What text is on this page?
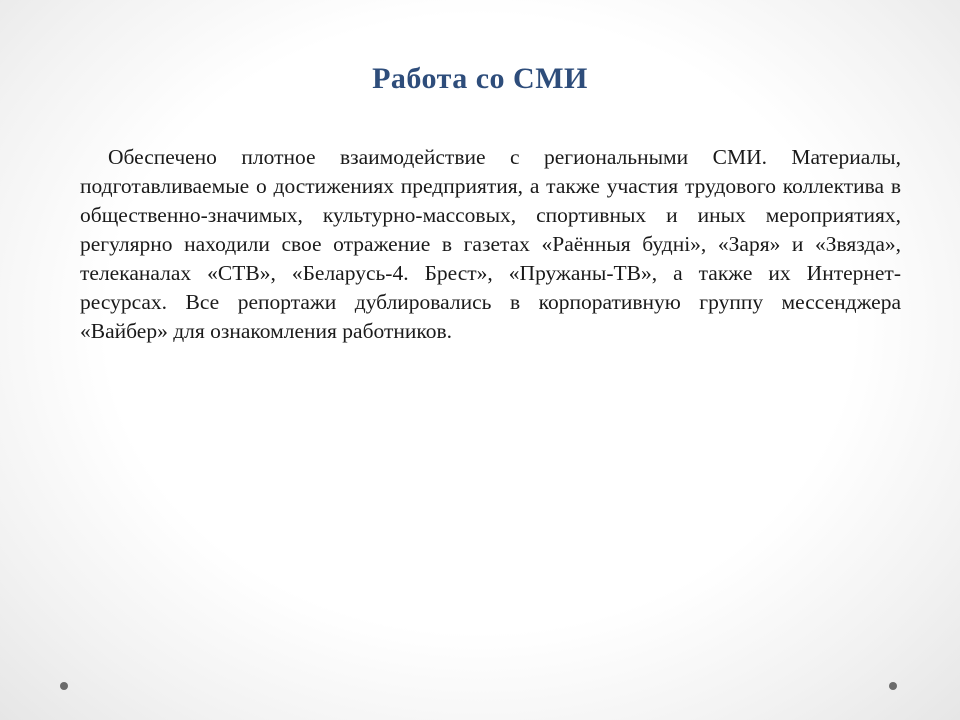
Работа со СМИ

Обеспечено плотное взаимодействие с региональными СМИ. Материалы, подготавливаемые о достижениях предприятия, а также участия трудового коллектива в общественно-значимых, культурно-массовых, спортивных и иных мероприятиях, регулярно находили свое отражение в газетах «Раённыя будні», «Заря» и «Звязда», телеканалах «СТВ», «Беларусь-4. Брест», «Пружаны-ТВ», а также их Интернет-ресурсах. Все репортажи дублировались в корпоративную группу мессенджера «Вайбер» для ознакомления работников.
